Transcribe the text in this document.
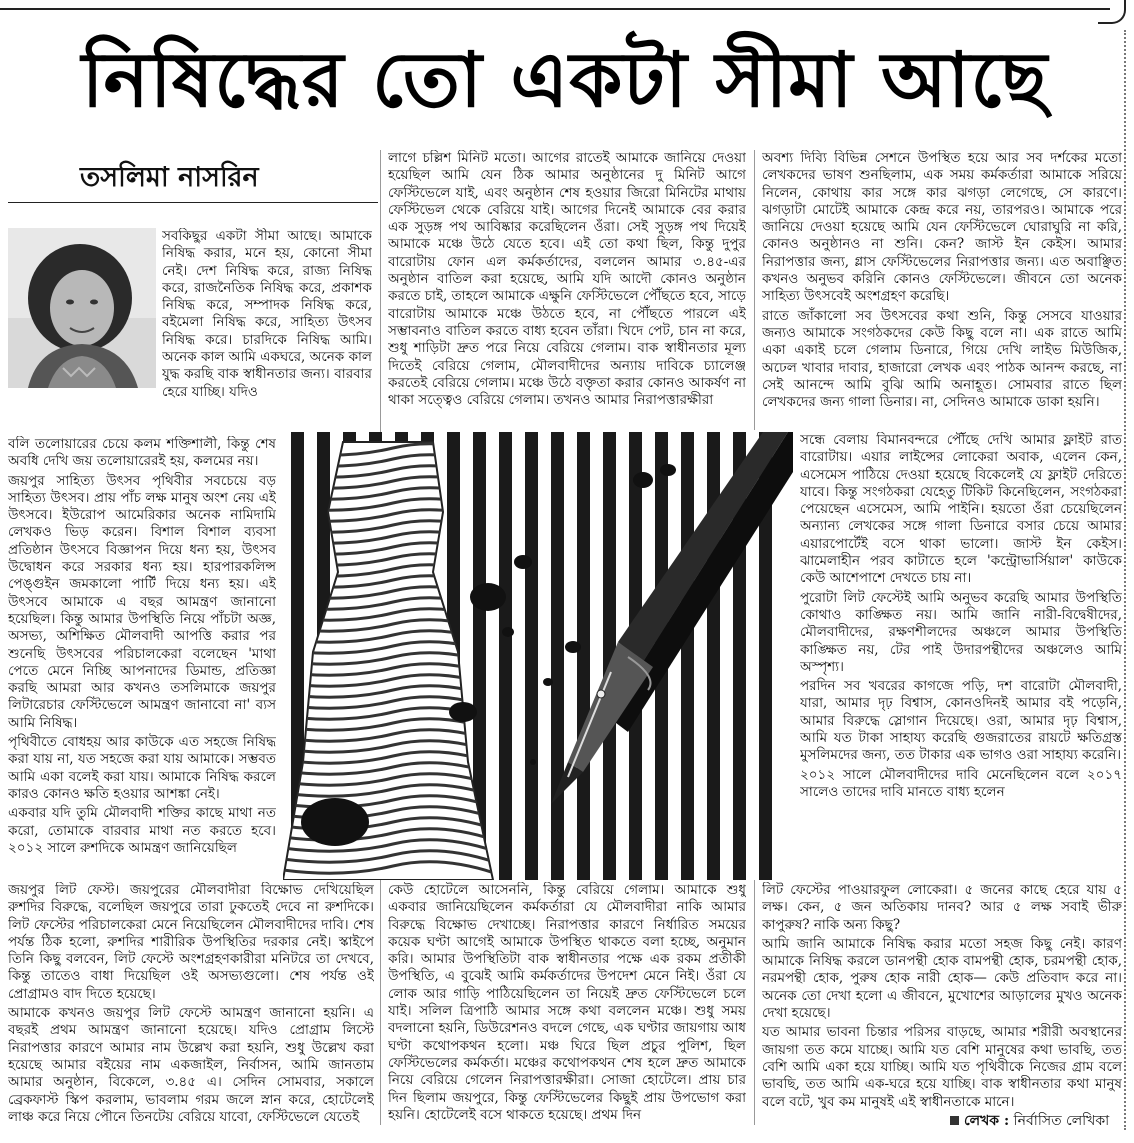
নিষিদ্ধের তো একটা সীমা আছে
তসলিমা নাসরিন

সবকিছুর একটা সীমা আছে। আমাকে নিষিদ্ধ করার, মনে হয়, কোনো সীমা নেই। দেশ নিষিদ্ধ করে, রাজ্য নিষিদ্ধ করে, রাজনৈতিক নিষিদ্ধ করে, প্রকাশক নিষিদ্ধ করে, সম্পাদক নিষিদ্ধ করে, বইমেলা নিষিদ্ধ করে, সাহিত্য উৎসব নিষিদ্ধ করে। চারদিকে নিষিদ্ধ আমি। অনেক কাল আমি একঘরে, অনেক কাল যুদ্ধ করছি বাক স্বাধীনতার জন্য। বারবার হেরে যাচ্ছি। যদিও

বলি তলোয়ারের চেয়ে কলম শক্তিশালী, কিন্তু শেষ অবধি দেখি জয় তলোয়ারেরই হয়, কলমের নয়।

জয়পুর সাহিত্য উৎসব পৃথিবীর সবচেয়ে বড় সাহিত্য উৎসব। প্রায় পাঁচ লক্ষ মানুষ অংশ নেয় এই উৎসবে। ইউরোপ আমেরিকার অনেক নামিদামি লেখকও ভিড় করেন। বিশাল বিশাল ব্যবসা প্রতিষ্ঠান উৎসবে বিজ্ঞাপন দিয়ে ধন্য হয়, উৎসব উদ্বোধন করে সরকার ধন্য হয়। হারপারকলিন্স পেঙ্গুইন জমকালো পার্টি দিয়ে ধন্য হয়। এই উৎসবে আমাকে এ বছর আমন্ত্রণ জানানো হয়েছিল। কিন্তু আমার উপস্থিতি নিয়ে পাঁচটা অজ্ঞ, অসভ্য, অশিক্ষিত মৌলবাদী আপত্তি করার পর শুনেছি উৎসবের পরিচালকেরা বলেছেন 'মাথা পেতে মেনে নিচ্ছি আপনাদের ডিমান্ড, প্রতিজ্ঞা করছি আমরা আর কখনও তসলিমাকে জয়পুর লিটারেচার ফেস্টিভেলে আমন্ত্রণ জানাবো না' ব্যস আমি নিষিদ্ধ।

পৃথিবীতে বোধহয় আর কাউকে এত সহজে নিষিদ্ধ করা যায় না, যত সহজে করা যায় আমাকে। সম্ভবত আমি একা বলেই করা যায়। আমাকে নিষিদ্ধ করলে কারও কোনও ক্ষতি হওয়ার আশঙ্কা নেই।

একবার যদি তুমি মৌলবাদী শক্তির কাছে মাথা নত করো, তোমাকে বারবার মাথা নত করতে হবে। ২০১২ সালে রুশদিকে আমন্ত্রণ জানিয়েছিল

লাগে চল্লিশ মিনিট মতো। আগের রাতেই আমাকে জানিয়ে দেওয়া হয়েছিল আমি যেন ঠিক আমার অনুষ্ঠানের দু মিনিট আগে ফেস্টিভেলে যাই, এবং অনুষ্ঠান শেষ হওয়ার জিরো মিনিটের মাথায় ফেস্টিভেল থেকে বেরিয়ে যাই। আগের দিনেই আমাকে বের করার এক সুড়ঙ্গ পথ আবিষ্কার করেছিলেন ওঁরা। সেই সুড়ঙ্গ পথ দিয়েই আমাকে মঞ্চে উঠে যেতে হবে। এই তো কথা ছিল, কিন্তু দুপুর বারোটায় ফোন এল কর্মকর্তাদের, বললেন আমার ৩.৪৫-এর অনুষ্ঠান বাতিল করা হয়েছে, আমি যদি আদৌ কোনও অনুষ্ঠান করতে চাই, তাহলে আমাকে এক্ষুনি ফেস্টিভেলে পৌঁছতে হবে, সাড়ে বারোটায় আমাকে মঞ্চে উঠতে হবে, না পৌঁছতে পারলে এই সম্ভাবনাও বাতিল করতে বাধ্য হবেন তাঁরা। খিদে পেট, চান না করে, শুধু শাড়িটা দ্রুত পরে নিয়ে বেরিয়ে গেলাম। বাক স্বাধীনতার মূল্য দিতেই বেরিয়ে গেলাম, মৌলবাদীদের অন্যায় দাবিকে চ্যালেঞ্জ করতেই বেরিয়ে গেলাম। মঞ্চে উঠে বক্তৃতা করার কোনও আকর্ষণ না থাকা সত্ত্বেও বেরিয়ে গেলাম। তখনও আমার নিরাপত্তারক্ষীরা

অবশ্য দিব্যি বিভিন্ন সেশনে উপস্থিত হয়ে আর সব দর্শকের মতো লেখকদের ভাষণ শুনছিলাম, এক সময় কর্মকর্তারা আমাকে সরিয়ে নিলেন, কোথায় কার সঙ্গে কার ঝগড়া লেগেছে, সে কারণে। ঝগড়াটা মোটেই আমাকে কেন্দ্র করে নয়, তারপরও। আমাকে পরে জানিয়ে দেওয়া হয়েছে আমি যেন ফেস্টিভেলে ঘোরাঘুরি না করি, কোনও অনুষ্ঠানও না শুনি। কেন? জাস্ট ইন কেইস। আমার নিরাপত্তার জন্য, গ্লাস ফেস্টিভেলের নিরাপত্তার জন্য। এত অবাঞ্ছিত কখনও অনুভব করিনি কোনও ফেস্টিভেলে। জীবনে তো অনেক সাহিত্য উৎসবেই অংশগ্রহণ করেছি।

রাতে জাঁকালো সব উৎসবের কথা শুনি, কিন্তু সেসবে যাওয়ার জন্যও আমাকে সংগঠকদের কেউ কিছু বলে না। এক রাতে আমি একা একাই চলে গেলাম ডিনারে, গিয়ে দেখি লাইভ মিউজিক, অঢেল খাবার দাবার, হাজারো লেখক এবং পাঠক আনন্দ করছে, না সেই আনন্দে আমি বুঝি আমি অনাহূত। সোমবার রাতে ছিল লেখকদের জন্য গালা ডিনার। না, সেদিনও আমাকে ডাকা হয়নি।

সন্ধে বেলায় বিমানবন্দরে পৌঁছে দেখি আমার ফ্লাইট রাত বারোটায়। এয়ার লাইন্সের লোকেরা অবাক, এলেন কেন, এসেমেস পাঠিয়ে দেওয়া হয়েছে বিকেলেই যে ফ্লাইট দেরিতে যাবে। কিন্তু সংগঠকরা যেহেতু টিকিট কিনেছিলেন, সংগঠকরা পেয়েছেন এসেমেস, আমি পাইনি। হয়তো ওঁরা চেয়েছিলেন অন্যান্য লেখকের সঙ্গে গালা ডিনারে বসার চেয়ে আমার এয়ারপোর্টেই বসে থাকা ভালো। জাস্ট ইন কেইস। ঝামেলাহীন পরব কাটাতে হলে 'কন্ট্রোভার্সিয়াল' কাউকে কেউ আশেপাশে দেখতে চায় না।

পুরোটা লিট ফেস্টেই আমি অনুভব করেছি আমার উপস্থিতি কোথাও কাঙ্ক্ষিত নয়। আমি জানি নারী-বিদ্বেষীদের, মৌলবাদীদের, রক্ষণশীলদের অঞ্চলে আমার উপস্থিতি কাঙ্ক্ষিত নয়, টের পাই উদারপন্থীদের অঞ্চলেও আমি অস্পৃশ্য।

পরদিন সব খবরের কাগজে পড়ি, দশ বারোটা মৌলবাদী, যারা, আমার দৃঢ় বিশ্বাস, কোনওদিনই আমার বই পড়েনি, আমার বিরুদ্ধে স্লোগান দিয়েছে। ওরা, আমার দৃঢ় বিশ্বাস, আমি যত টাকা সাহায্য করেছি গুজরাতের রায়টে ক্ষতিগ্রস্ত মুসলিমদের জন্য, তত টাকার এক ভাগও ওরা সাহায্য করেনি।

২০১২ সালে মৌলবাদীদের দাবি মেনেছিলেন বলে ২০১৭ সালেও তাদের দাবি মানতে বাধ্য হলেন

জয়পুর লিট ফেস্ট। জয়পুরের মৌলবাদীরা বিক্ষোভ দেখিয়েছিল রুশদির বিরুদ্ধে, বলেছিল জয়পুরে তারা ঢুকতেই দেবে না রুশদিকে। লিট ফেস্টের পরিচালকেরা মেনে নিয়েছিলেন মৌলবাদীদের দাবি। শেষ পর্যন্ত ঠিক হলো, রুশদির শারীরিক উপস্থিতির দরকার নেই। স্কাইপে তিনি কিছু বলবেন, লিট ফেস্টে অংশগ্রহণকারীরা মনিটরে তা দেখবে, কিন্তু তাতেও বাধা দিয়েছিল ওই অসভ্যগুলো। শেষ পর্যন্ত ওই প্রোগ্রামও বাদ দিতে হয়েছে।

আমাকে কখনও জয়পুর লিট ফেস্টে আমন্ত্রণ জানানো হয়নি। এ বছরই প্রথম আমন্ত্রণ জানানো হয়েছে। যদিও প্রোগ্রাম লিস্টে নিরাপত্তার কারণে আমার নাম উল্লেখ করা হয়নি, শুধু উল্লেখ করা হয়েছে আমার বইয়ের নাম একজাইল, নির্বাসন, আমি জানতাম আমার অনুষ্ঠান, বিকেলে, ৩.৪৫ এ। সেদিন সোমবার, সকালে ব্রেকফাস্ট স্কিপ করলাম, ভাবলাম গরম জলে স্নান করে, হোটেলেই লাঞ্চ করে নিয়ে পৌনে তিনটেয় বেরিয়ে যাবো, ফেস্টিভেলে যেতেই

কেউ হোটেলে আসেননি, কিন্তু বেরিয়ে গেলাম। আমাকে শুধু একবার জানিয়েছিলেন কর্মকর্তারা যে মৌলবাদীরা নাকি আমার বিরুদ্ধে বিক্ষোভ দেখাচ্ছে। নিরাপত্তার কারণে নির্ধারিত সময়ের কয়েক ঘণ্টা আগেই আমাকে উপস্থিত থাকতে বলা হচ্ছে, অনুমান করি। আমার উপস্থিতিটা বাক স্বাধীনতার পক্ষে এক রকম প্রতীকী উপস্থিতি, এ বুঝেই আমি কর্মকর্তাদের উপদেশ মেনে নিই। ওঁরা যে লোক আর গাড়ি পাঠিয়েছিলেন তা নিয়েই দ্রুত ফেস্টিভেলে চলে যাই। সলিল ত্রিপাঠি আমার সঙ্গে কথা বললেন মঞ্চে। শুধু সময় বদলানো হয়নি, ডিউরেশনও বদলে গেছে, এক ঘণ্টার জায়গায় আধ ঘণ্টা কথোপকথন হলো। মঞ্চ ঘিরে ছিল প্রচুর পুলিশ, ছিল ফেস্টিভেলের কর্মকর্তা। মঞ্চের কথোপকথন শেষ হলে দ্রুত আমাকে নিয়ে বেরিয়ে গেলেন নিরাপত্তারক্ষীরা। সোজা হোটেলে। প্রায় চার দিন ছিলাম জয়পুরে, কিন্তু ফেস্টিভেলের কিছুই প্রায় উপভোগ করা হয়নি। হোটেলেই বসে থাকতে হয়েছে। প্রথম দিন

লিট ফেস্টের পাওয়ারফুল লোকেরা। ৫ জনের কাছে হেরে যায় ৫ লক্ষ। কেন, ৫ জন অতিকায় দানব? আর ৫ লক্ষ সবাই ভীরু কাপুরুষ? নাকি অন্য কিছু?

আমি জানি আমাকে নিষিদ্ধ করার মতো সহজ কিছু নেই। কারণ আমাকে নিষিদ্ধ করলে ডানপন্থী হোক বামপন্থী হোক, চরমপন্থী হোক, নরমপন্থী হোক, পুরুষ হোক নারী হোক— কেউ প্রতিবাদ করে না। অনেক তো দেখা হলো এ জীবনে, মুখোশের আড়ালের মুখও অনেক দেখা হয়েছে।

যত আমার ভাবনা চিন্তার পরিসর বাড়ছে, আমার শরীরী অবস্থানের জায়গা তত কমে যাচ্ছে। আমি যত বেশি মানুষের কথা ভাবছি, তত বেশি আমি একা হয়ে যাচ্ছি। আমি যত পৃথিবীকে নিজের গ্রাম বলে ভাবছি, তত আমি এক-ঘরে হয়ে যাচ্ছি। বাক স্বাধীনতার কথা মানুষ বলে বটে, খুব কম মানুষই এই স্বাধীনতাকে মানে।

লেখক : নির্বাসিত লেখিকা
